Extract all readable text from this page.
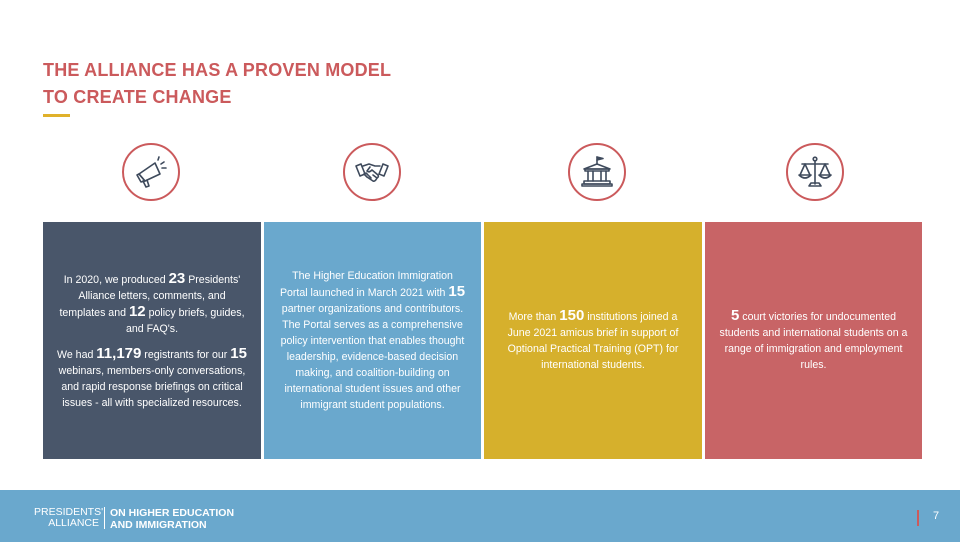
THE ALLIANCE HAS A PROVEN MODEL
TO CREATE CHANGE

In 2020, we produced 23 Presidents' Alliance letters, comments, and templates and 12 policy briefs, guides, and FAQ's.

We had 11,179 registrants for our 15 webinars, members-only conversations, and rapid response briefings on critical issues - all with specialized resources.

The Higher Education Immigration Portal launched in March 2021 with 15 partner organizations and contributors.

The Portal serves as a comprehensive policy intervention that enables thought leadership, evidence-based decision making, and coalition-building on international student issues and other immigrant student populations.

More than 150 institutions joined a June 2021 amicus brief in support of Optional Practical Training (OPT) for international students.

5 court victories for undocumented students and international students on a range of immigration and employment rules.

PRESIDENTS'
ALLIANCE
ON HIGHER EDUCATION
AND IMMIGRATION
7
